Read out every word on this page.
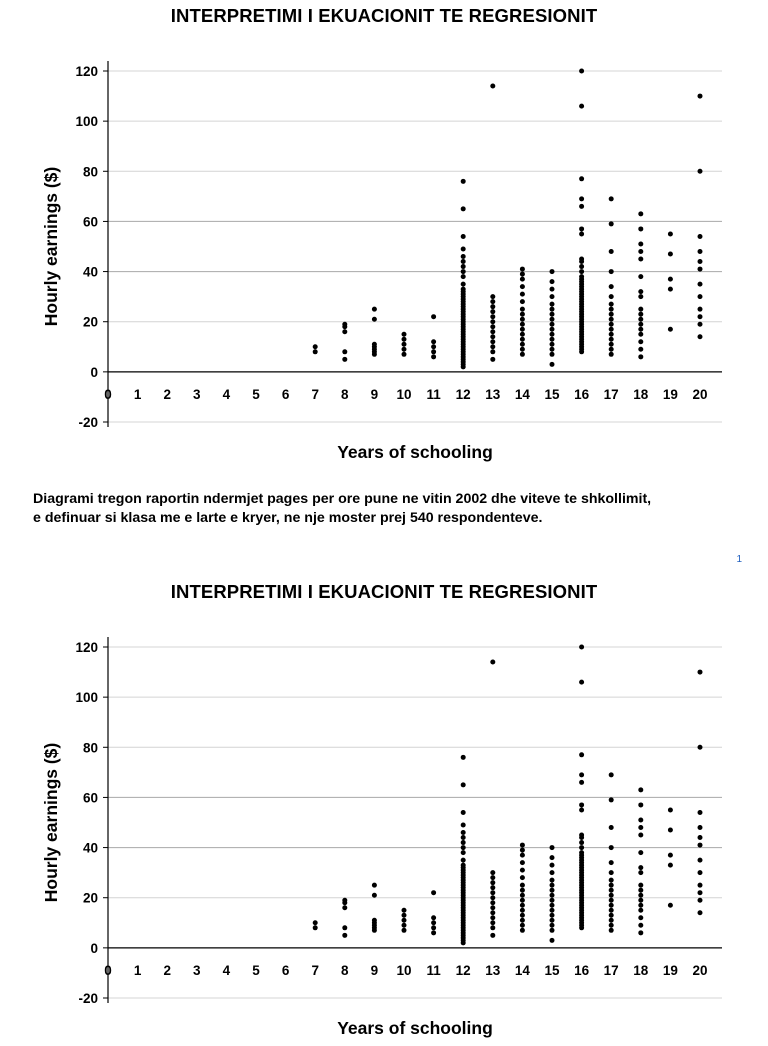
INTERPRETIMI I EKUACIONIT TE REGRESIONIT
-20
0
20
40
60
80
100
120
0 1 2 3 4 5 6 7 8 9 10 11 12 13 14 15 16 17 18 19 20
Years of schooling
Hourly earnings ($)
Diagrami tregon raportin ndermjet pages per ore pune ne vitin 2002 dhe viteve te shkollimit,
e definuar si klasa me e larte e kryer, ne nje moster prej 540 respondenteve.
1
INTERPRETIMI I EKUACIONIT TE REGRESIONIT
-20
0
20
40
60
80
100
120
0 1 2 3 4 5 6 7 8 9 10 11 12 13 14 15 16 17 18 19 20
Years of schooling
Hourly earnings ($)
